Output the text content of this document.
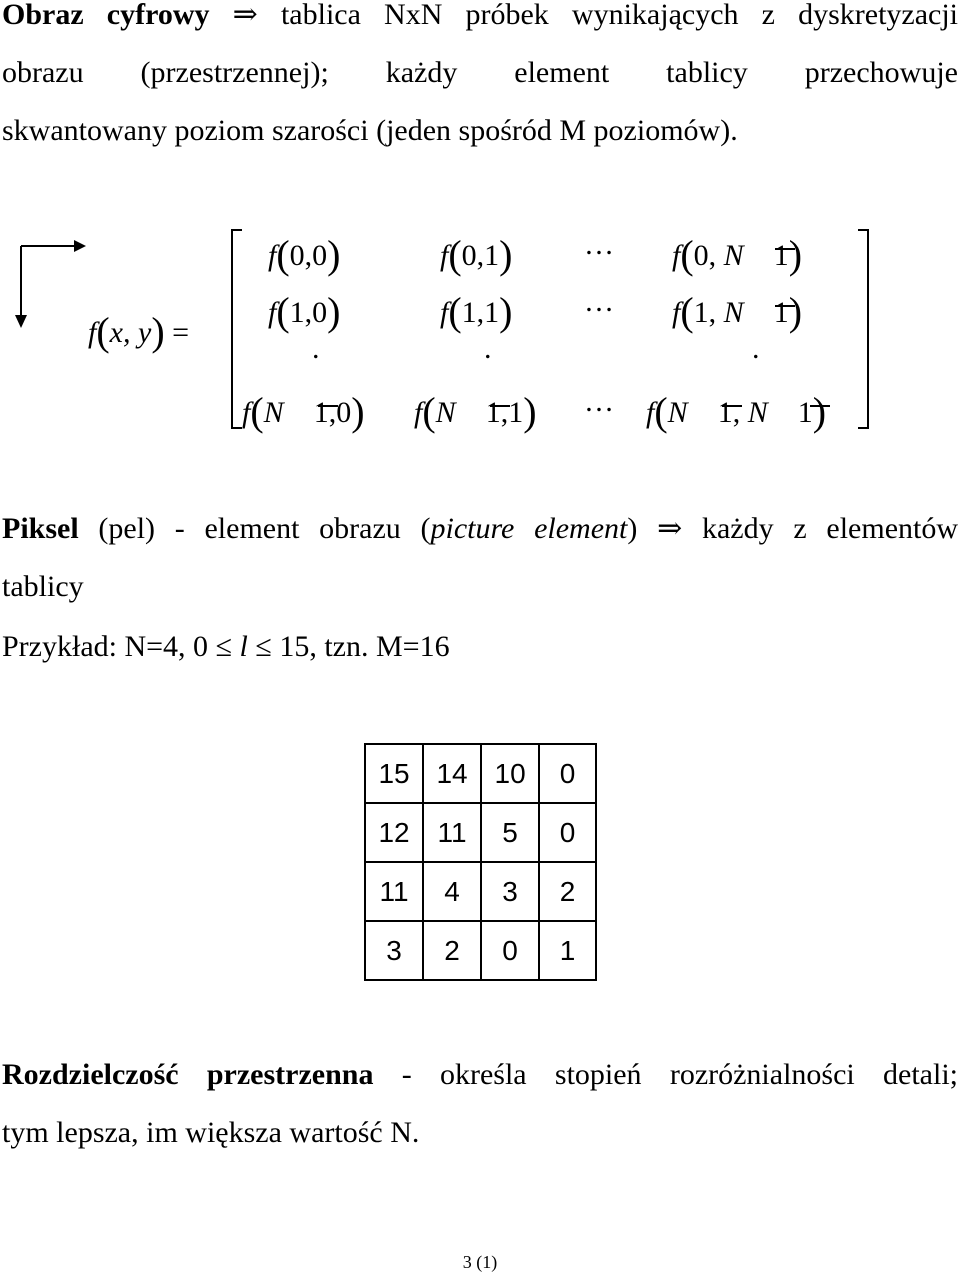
Obraz cyfrowy ⇒ tablica NxN próbek wynikających z dyskretyzacji
obrazu (przestrzennej); każdy element tablicy przechowuje
skwantowany poziom szarości (jeden spośród M poziomów).
f(x, y) =
f(0,0)	f(0,1) … f(0, N    1)
f(1,0)	f(1,1) … f(1, N    1)
.	.	.
f(N    1,0) f(N    1,1) … f(N    1, N    1)
Piksel (pel) - element obrazu (picture element) ⇒ każdy z elementów
tablicy
Przykład: N=4, 0 ≤ l ≤ 15, tzn. M=16
15	14	10	0
12	11	5	0
11	4	3	2
3	2	0	1
Rozdzielczość przestrzenna - określa stopień rozróżnialności detali;
tym lepsza, im większa wartość N.
3 (1)
